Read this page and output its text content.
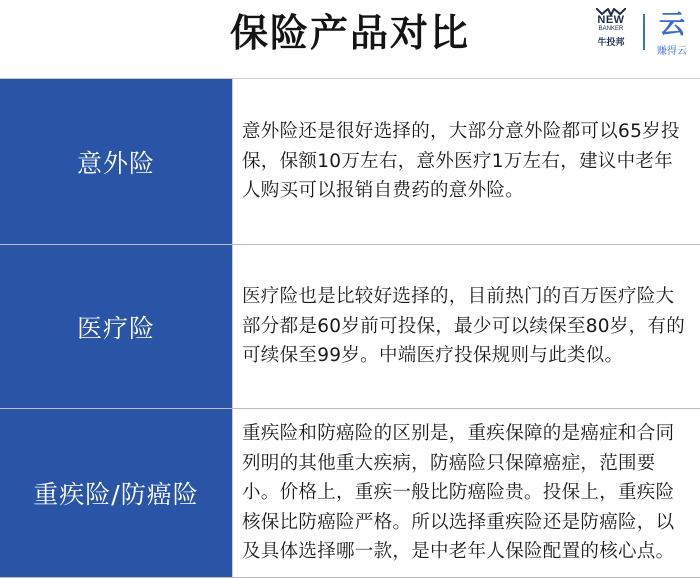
保险产品对比	NEW
BANKER
牛投邦
云
赚得云
意外险

意外险还是很好选择的，大部分意外险都可以65岁投保，保额10万左右，意外医疗1万左右，建议中老年人购买可以报销自费药的意外险。

医疗险

医疗险也是比较好选择的，目前热门的百万医疗险大部分都是60岁前可投保，最少可以续保至80岁，有的可续保至99岁。中端医疗投保规则与此类似。

重疾险/防癌险

重疾险和防癌险的区别是，重疾保障的是癌症和合同列明的其他重大疾病，防癌险只保障癌症，范围要小。价格上，重疾一般比防癌险贵。投保上，重疾险核保比防癌险严格。所以选择重疾险还是防癌险，以及具体选择哪一款，是中老年人保险配置的核心点。
